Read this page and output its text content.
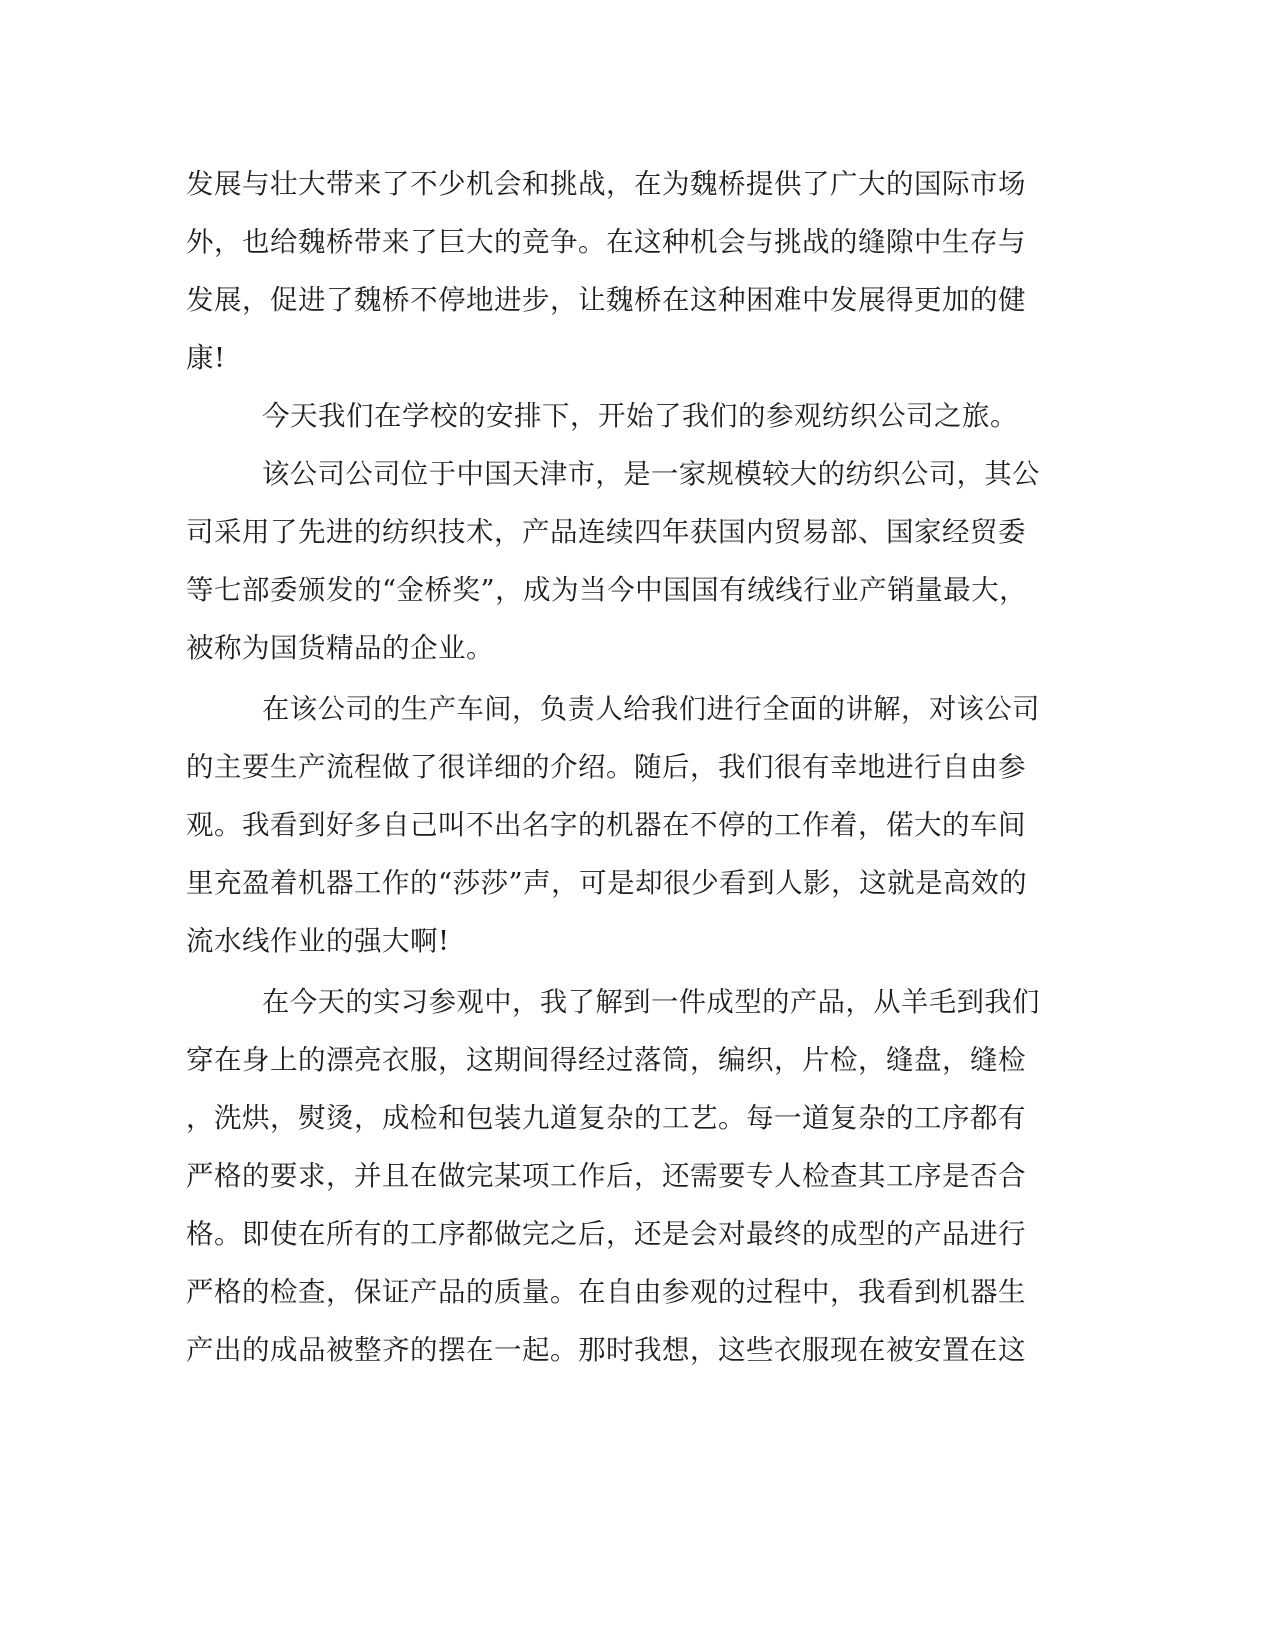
发展与壮大带来了不少机会和挑战，在为魏桥提供了广大的国际市场
外，也给魏桥带来了巨大的竞争。在这种机会与挑战的缝隙中生存与
发展，促进了魏桥不停地进步，让魏桥在这种困难中发展得更加的健
康!
今天我们在学校的安排下，开始了我们的参观纺织公司之旅。
该公司公司位于中国天津市，是一家规模较大的纺织公司，其公
司采用了先进的纺织技术，产品连续四年获国内贸易部、国家经贸委
等七部委颁发的“金桥奖”，成为当今中国国有绒线行业产销量最大，
被称为国货精品的企业。
在该公司的生产车间，负责人给我们进行全面的讲解，对该公司
的主要生产流程做了很详细的介绍。随后，我们很有幸地进行自由参
观。我看到好多自己叫不出名字的机器在不停的工作着，偌大的车间
里充盈着机器工作的“莎莎”声，可是却很少看到人影，这就是高效的
流水线作业的强大啊!
在今天的实习参观中，我了解到一件成型的产品，从羊毛到我们
穿在身上的漂亮衣服，这期间得经过落筒，编织，片检，缝盘，缝检
，洗烘，熨烫，成检和包装九道复杂的工艺。每一道复杂的工序都有
严格的要求，并且在做完某项工作后，还需要专人检查其工序是否合
格。即使在所有的工序都做完之后，还是会对最终的成型的产品进行
严格的检查，保证产品的质量。在自由参观的过程中，我看到机器生
产出的成品被整齐的摆在一起。那时我想，这些衣服现在被安置在这
